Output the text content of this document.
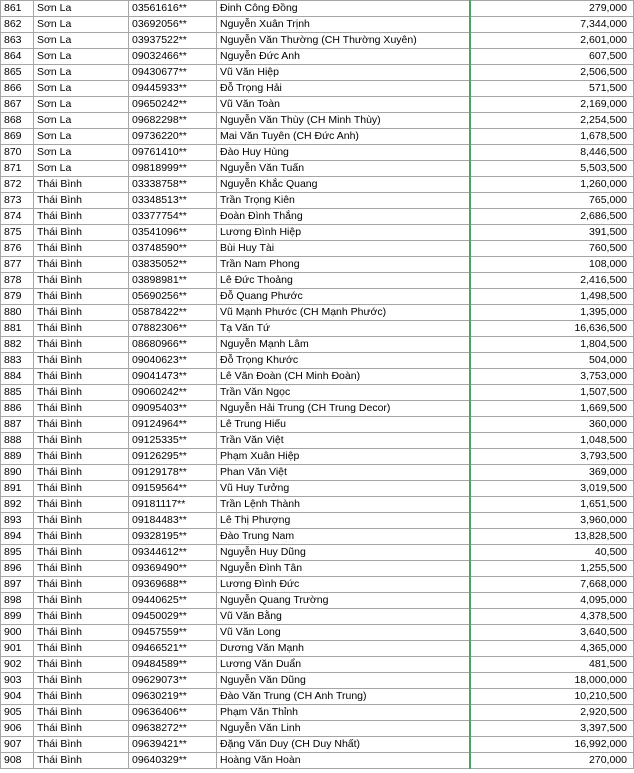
861	Sơn La	03561616**	Đinh Công Đồng	279,000
862	Sơn La	03692056**	Nguyễn Xuân Trịnh	7,344,000
863	Sơn La	03937522**	Nguyễn Văn Thường (CH Thường Xuyên)	2,601,000
864	Sơn La	09032466**	Nguyễn Đức Anh	607,500
865	Sơn La	09430677**	Vũ Văn Hiệp	2,506,500
866	Sơn La	09445933**	Đỗ Trọng Hải	571,500
867	Sơn La	09650242**	Vũ Văn Toàn	2,169,000
868	Sơn La	09682298**	Nguyễn Văn Thùy (CH Minh Thùy)	2,254,500
869	Sơn La	09736220**	Mai Văn Tuyên (CH Đức Anh)	1,678,500
870	Sơn La	09761410**	Đào Huy Hùng	8,446,500
871	Sơn La	09818999**	Nguyễn Văn Tuấn	5,503,500
872	Thái Bình	03338758**	Nguyễn Khắc Quang	1,260,000
873	Thái Bình	03348513**	Trần Trọng Kiên	765,000
874	Thái Bình	03377754**	Đoàn Đình Thắng	2,686,500
875	Thái Bình	03541096**	Lương Đình Hiệp	391,500
876	Thái Bình	03748590**	Bùi Huy Tài	760,500
877	Thái Bình	03835052**	Trần Nam Phong	108,000
878	Thái Bình	03898981**	Lê Đức Thoảng	2,416,500
879	Thái Bình	05690256**	Đỗ Quang Phước	1,498,500
880	Thái Bình	05878422**	Vũ Mạnh Phước (CH Mạnh Phước)	1,395,000
881	Thái Bình	07882306**	Tạ Văn Tứ	16,636,500
882	Thái Bình	08680966**	Nguyễn Mạnh Lâm	1,804,500
883	Thái Bình	09040623**	Đỗ Trọng Khước	504,000
884	Thái Bình	09041473**	Lê Văn Đoàn (CH Minh Đoàn)	3,753,000
885	Thái Bình	09060242**	Trần Văn Ngọc	1,507,500
886	Thái Bình	09095403**	Nguyễn Hải Trung (CH Trung Decor)	1,669,500
887	Thái Bình	09124964**	Lê Trung Hiếu	360,000
888	Thái Bình	09125335**	Trần Văn Việt	1,048,500
889	Thái Bình	09126295**	Phạm Xuân Hiệp	3,793,500
890	Thái Bình	09129178**	Phan Văn Việt	369,000
891	Thái Bình	09159564**	Vũ Huy Tưởng	3,019,500
892	Thái Bình	09181117**	Trần Lệnh Thành	1,651,500
893	Thái Bình	09184483**	Lê Thị Phượng	3,960,000
894	Thái Bình	09328195**	Đào Trung Nam	13,828,500
895	Thái Bình	09344612**	Nguyễn Huy Dũng	40,500
896	Thái Bình	09369490**	Nguyễn Đình Tân	1,255,500
897	Thái Bình	09369688**	Lương Đình Đức	7,668,000
898	Thái Bình	09440625**	Nguyễn Quang Trường	4,095,000
899	Thái Bình	09450029**	Vũ Văn Bằng	4,378,500
900	Thái Bình	09457559**	Vũ Văn Long	3,640,500
901	Thái Bình	09466521**	Dương Văn Mạnh	4,365,000
902	Thái Bình	09484589**	Lương Văn Duẩn	481,500
903	Thái Bình	09629073**	Nguyễn Văn Dũng	18,000,000
904	Thái Bình	09630219**	Đào Văn Trung (CH Anh Trung)	10,210,500
905	Thái Bình	09636406**	Phạm Văn Thỉnh	2,920,500
906	Thái Bình	09638272**	Nguyễn Văn Linh	3,397,500
907	Thái Bình	09639421**	Đặng Văn Duy (CH Duy Nhất)	16,992,000
908	Thái Bình	09640329**	Hoàng Văn Hoàn	270,000
